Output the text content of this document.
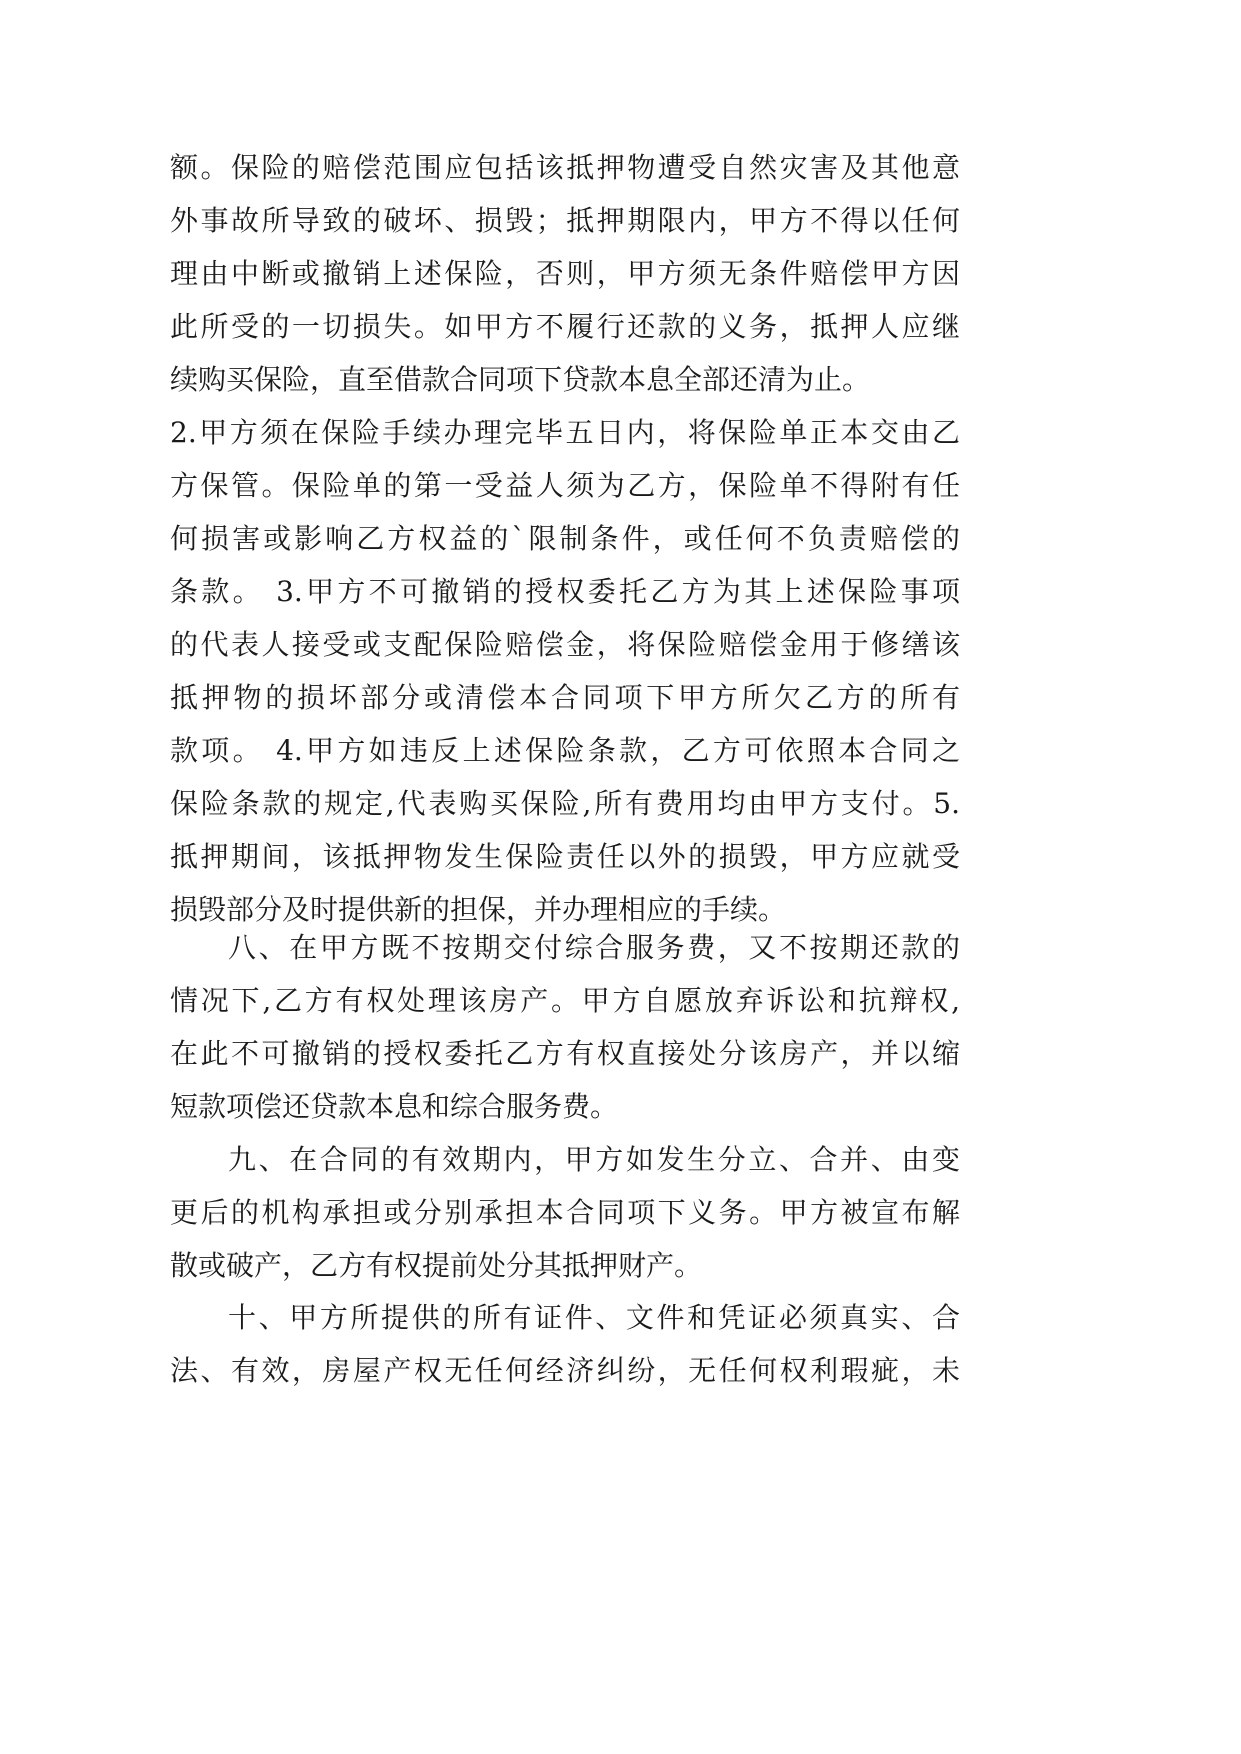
额。保险的赔偿范围应包括该抵押物遭受自然灾害及其他意
外事故所导致的破坏、损毁；抵押期限内，甲方不得以任何
理由中断或撤销上述保险，否则，甲方须无条件赔偿甲方因
此所受的一切损失。如甲方不履行还款的义务，抵押人应继
续购买保险，直至借款合同项下贷款本息全部还清为止。
2.甲方须在保险手续办理完毕五日内，将保险单正本交由乙
方保管。保险单的第一受益人须为乙方，保险单不得附有任
何损害或影响乙方权益的`限制条件，或任何不负责赔偿的
条款。 3.甲方不可撤销的授权委托乙方为其上述保险事项
的代表人接受或支配保险赔偿金，将保险赔偿金用于修缮该
抵押物的损坏部分或清偿本合同项下甲方所欠乙方的所有
款项。 4.甲方如违反上述保险条款，乙方可依照本合同之
保险条款的规定,代表购买保险,所有费用均由甲方支付。5.
抵押期间，该抵押物发生保险责任以外的损毁，甲方应就受
损毁部分及时提供新的担保，并办理相应的手续。
八、在甲方既不按期交付综合服务费，又不按期还款的
情况下,乙方有权处理该房产。甲方自愿放弃诉讼和抗辩权,
在此不可撤销的授权委托乙方有权直接处分该房产，并以缩
短款项偿还贷款本息和综合服务费。
九、在合同的有效期内，甲方如发生分立、合并、由变
更后的机构承担或分别承担本合同项下义务。甲方被宣布解
散或破产，乙方有权提前处分其抵押财产。
十、甲方所提供的所有证件、文件和凭证必须真实、合
法、有效，房屋产权无任何经济纠纷，无任何权利瑕疵，未
